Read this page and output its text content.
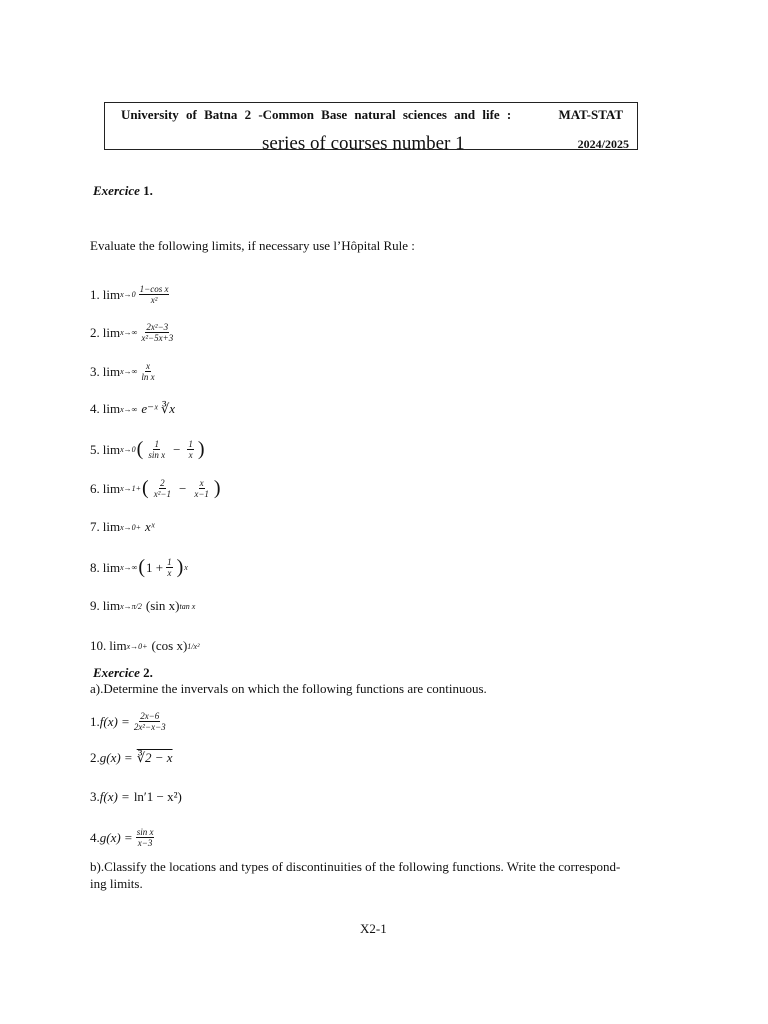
University of Batna 2 -Common Base natural sciences and life :	MAT-STAT
series of courses number 1	2024/2025
Exercice 1.
Evaluate the following limits, if necessary use l’Hôpital Rule :
1. $\lim x\to 0 \frac{\text{1−cos x}}{\text{x²}}$
2. $\lim x\to\infty \frac{\text{2x²−3}}{\text{x²−5x+3}}$
3. $\lim x\to\infty \frac{x}{\text{ln x}}$
4. lim x→∞ e⁻ˣ ∛x
5. lim x→0 ( $\frac{1}{\text{sin x}} - \frac{1}{x}$ )
6. lim x→1+ ( $\frac{2}{\text{x²−1}} - \frac{x}{x-1}$ )
7. lim x→0+ xˣ
8. lim x→∞ ( $1 + \frac{1}{x}$ ) x
9. lim x→π/2 (sin x) tan x
10. lim x→0+ (cos x) 1/x²
Exercice 2.
a).Determine the invervals on which the following functions are continuous.
1. $f(x) = \frac{2x-6}{\text{2x²−x−3}}$
2. g(x) = ∛2 − x
3. f(x) = ln′1 − x²)
4. $g(x) = \frac{\text{sin x}}{x-3}$
b).Classify the locations and types of discontinuities of the following functions. Write the correspond-
ing limits.
X2-1
